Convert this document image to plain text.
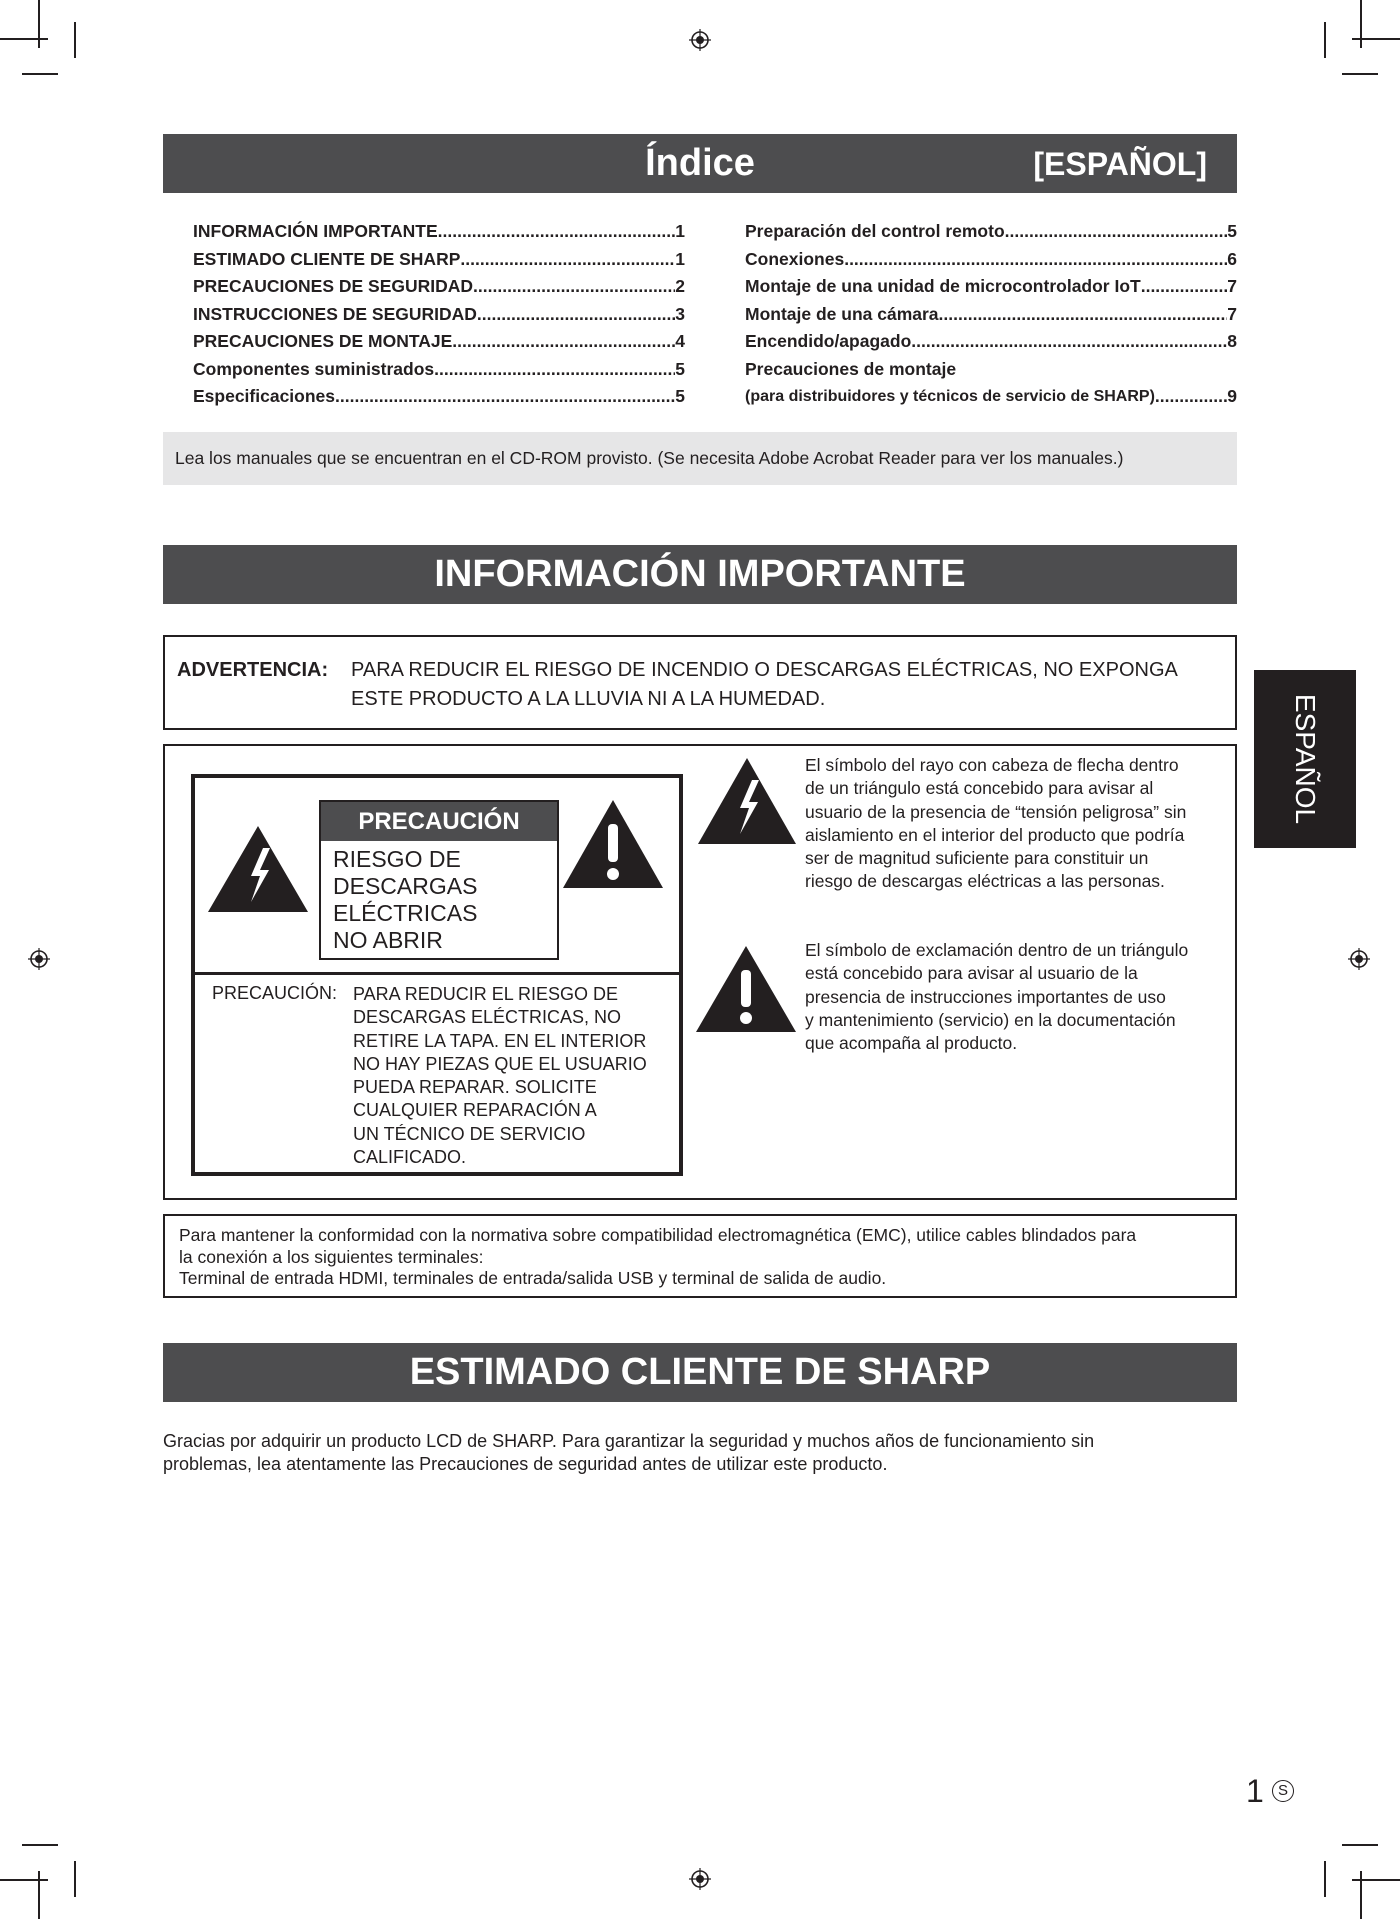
Índice	[ESPAÑOL]
INFORMACIÓN IMPORTANTE .....	1
ESTIMADO CLIENTE DE SHARP .....	1
PRECAUCIONES DE SEGURIDAD .....	2
INSTRUCCIONES DE SEGURIDAD .....	3
PRECAUCIONES DE MONTAJE .....	4
Componentes suministrados .....	5
Especificaciones .....	5
Preparación del control remoto .....	5
Conexiones .....	6
Montaje de una unidad de microcontrolador IoT .....	7
Montaje de una cámara .....	7
Encendido/apagado .....	8
Precauciones de montaje
(para distribuidores y técnicos de servicio de SHARP) .....	9
Lea los manuales que se encuentran en el CD-ROM provisto. (Se necesita Adobe Acrobat Reader para ver los manuales.)
INFORMACIÓN IMPORTANTE
ADVERTENCIA: PARA REDUCIR EL RIESGO DE INCENDIO O DESCARGAS ELÉCTRICAS, NO EXPONGA
ESTE PRODUCTO A LA LLUVIA NI A LA HUMEDAD.
PRECAUCIÓN
RIESGO DE
DESCARGAS
ELÉCTRICAS
NO ABRIR
PRECAUCIÓN: PARA REDUCIR EL RIESGO DE
DESCARGAS ELÉCTRICAS, NO
RETIRE LA TAPA. EN EL INTERIOR
NO HAY PIEZAS QUE EL USUARIO
PUEDA REPARAR. SOLICITE
CUALQUIER REPARACIÓN A
UN TÉCNICO DE SERVICIO
CALIFICADO.
El símbolo del rayo con cabeza de flecha dentro
de un triángulo está concebido para avisar al
usuario de la presencia de “tensión peligrosa” sin
aislamiento en el interior del producto que podría
ser de magnitud suficiente para constituir un
riesgo de descargas eléctricas a las personas.
El símbolo de exclamación dentro de un triángulo
está concebido para avisar al usuario de la
presencia de instrucciones importantes de uso
y mantenimiento (servicio) en la documentación
que acompaña al producto.
Para mantener la conformidad con la normativa sobre compatibilidad electromagnética (EMC), utilice cables blindados para
la conexión a los siguientes terminales:
Terminal de entrada HDMI, terminales de entrada/salida USB y terminal de salida de audio.
ESTIMADO CLIENTE DE SHARP
Gracias por adquirir un producto LCD de SHARP. Para garantizar la seguridad y muchos años de funcionamiento sin
problemas, lea atentamente las Precauciones de seguridad antes de utilizar este producto.
ESPAÑOL
1 S
